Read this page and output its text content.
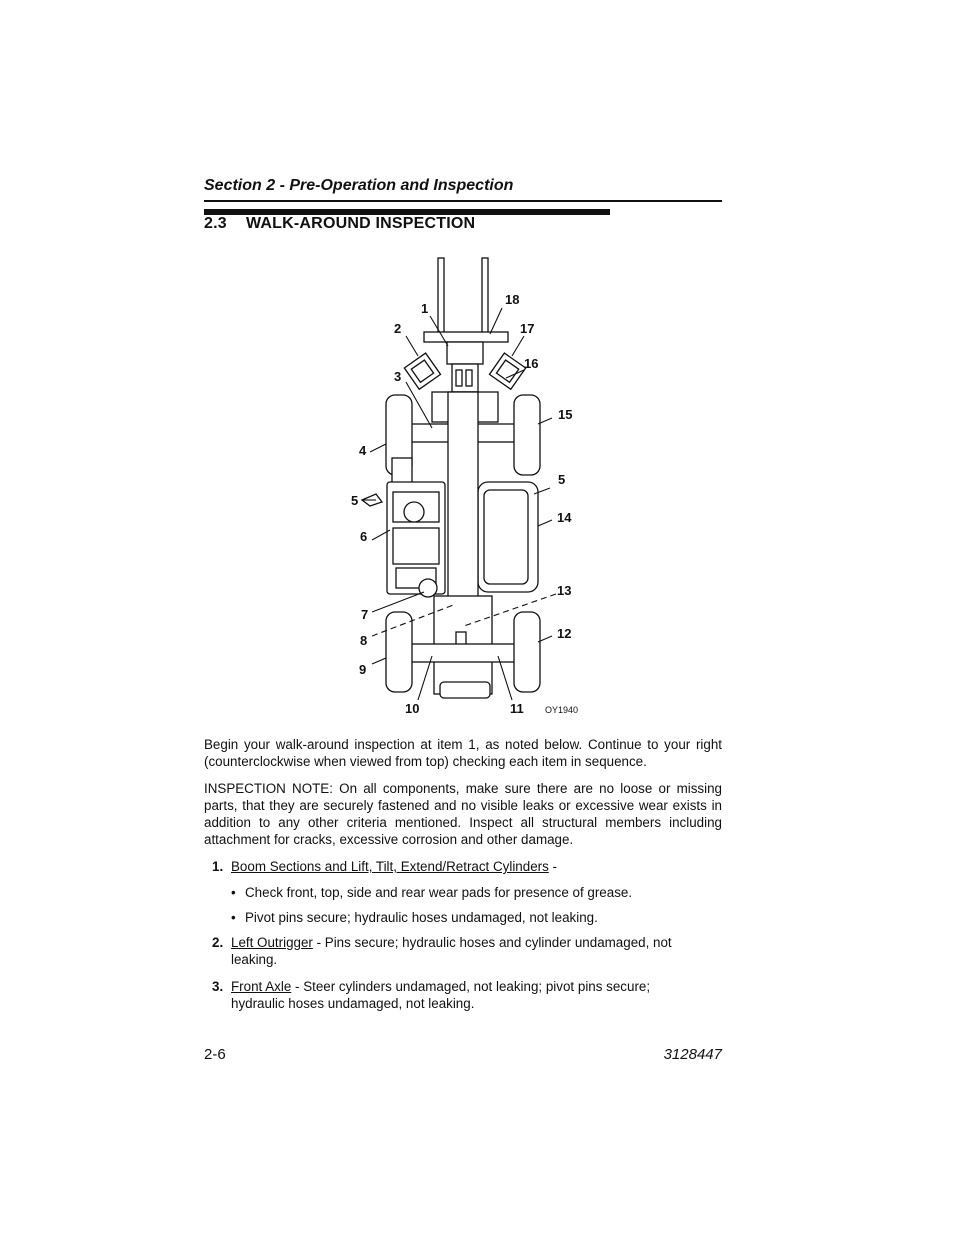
Section 2 - Pre-Operation and Inspection
2.3 WALK-AROUND INSPECTION
1
18
2	17
16
3
15
4
5
5
14
6
13
7
12
8
9
10	11 OY1940
Begin your walk-around inspection at item 1, as noted below. Continue to your right (counterclockwise when viewed from top) checking each item in sequence.
INSPECTION NOTE: On all components, make sure there are no loose or missing parts, that they are securely fastened and no visible leaks or excessive wear exists in addition to any other criteria mentioned. Inspect all structural members including attachment for cracks, excessive corrosion and other damage.
1. Boom Sections and Lift, Tilt, Extend/Retract Cylinders -
• Check front, top, side and rear wear pads for presence of grease.
• Pivot pins secure; hydraulic hoses undamaged, not leaking.
2. Left Outrigger - Pins secure; hydraulic hoses and cylinder undamaged, not leaking.
3. Front Axle - Steer cylinders undamaged, not leaking; pivot pins secure; hydraulic hoses undamaged, not leaking.
2-6	3128447
